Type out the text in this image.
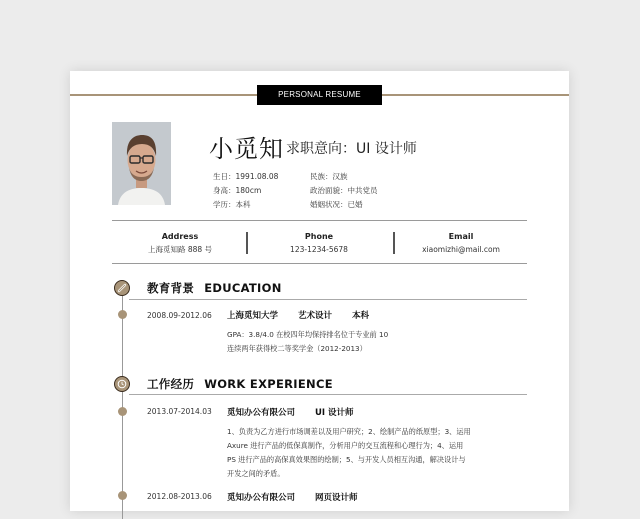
PERSONAL RESUME
小觅知 求职意向：UI 设计师
生日：1991.08.08
身高：180cm
学历：本科
民族：汉族
政治面貌：中共党员
婚姻状况：已婚
Address
上海觅知路 888 号
Phone
123-1234-5678
Email
xiaomizhi@mail.com
教育背景 EDUCATION
2008.09-2012.06 上海觅知大学 艺术设计 本科
GPA：3.8/4.0 在校四年均保持排名位于专业前 10
连续两年获得校二等奖学金（2012-2013）
工作经历 WORK EXPERIENCE
2013.07-2014.03 觅知办公有限公司 UI 设计师
1、负责为乙方进行市场调差以及用户研究；2、绘制产品的纸原型；3、运用
Axure 进行产品的低保真制作，分析用户的交互流程和心理行为；4、运用
PS 进行产品的高保真效果图的绘制；5、与开发人员相互沟通，解决设计与
开发之间的矛盾。
2012.08-2013.06 觅知办公有限公司 网页设计师
